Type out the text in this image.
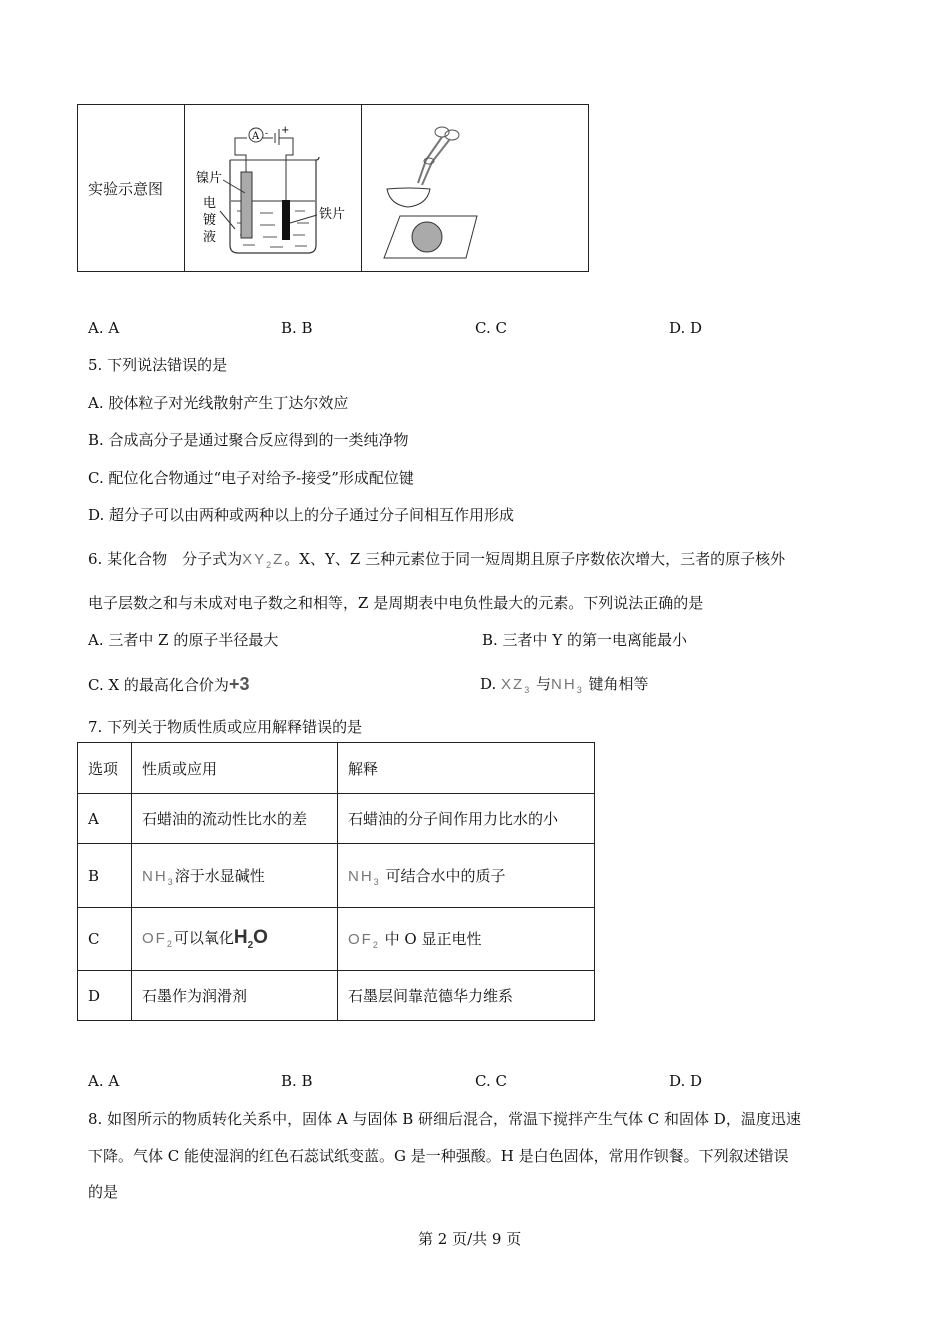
实验示意图	
A - +
镍片
电
镀
液
铁片

A. A	B. B	C. C	D. D
5. 下列说法错误的是
A. 胶体粒子对光线散射产生丁达尔效应
B. 合成高分子是通过聚合反应得到的一类纯净物
C. 配位化合物通过“电子对给予-接受”形成配位键
D. 超分子可以由两种或两种以上的分子通过分子间相互作用形成
6. 某化合物　分子式为$XY_2Z$。X、Y、Z 三种元素位于同一短周期且原子序数依次增大，三者的原子核外
电子层数之和与未成对电子数之和相等，Z 是周期表中电负性最大的元素。下列说法正确的是
A. 三者中 Z 的原子半径最大	B. 三者中 Y 的第一电离能最小
C. X 的最高化合价为+3	D. $XZ_3$ 与$NH_3$ 键角相等
7. 下列关于物质性质或应用解释错误的是
选项	性质或应用	解释
A	石蜡油的流动性比水的差	石蜡油的分子间作用力比水的小
B	$NH_3$溶于水显碱性	$NH_3$ 可结合水中的质子
C	$OF_2$可以氧化$H_2O$	$OF_2$ 中 O 显正电性
D	石墨作为润滑剂	石墨层间靠范德华力维系
A. A	B. B	C. C	D. D
8. 如图所示的物质转化关系中，固体 A 与固体 B 研细后混合，常温下搅拌产生气体 C 和固体 D，温度迅速
下降。气体 C 能使湿润的红色石蕊试纸变蓝。G 是一种强酸。H 是白色固体，常用作钡餐。下列叙述错误
的是
第 2 页/共 9 页
